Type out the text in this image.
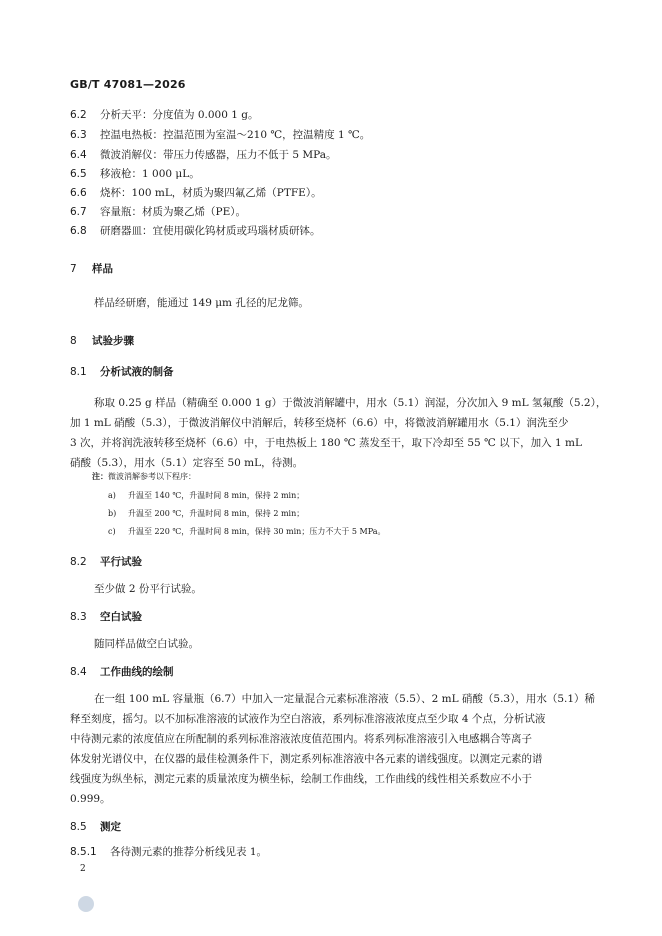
GB/T 47081—2026
6.2 分析天平：分度值为 0.000 1 g。
6.3 控温电热板：控温范围为室温～210 ℃，控温精度 1 ℃。
6.4 微波消解仪：带压力传感器，压力不低于 5 MPa。
6.5 移液枪：1 000 μL。
6.6 烧杯：100 mL，材质为聚四氟乙烯（PTFE）。
6.7 容量瓶：材质为聚乙烯（PE）。
6.8 研磨器皿：宜使用碳化钨材质或玛瑙材质研钵。
7 样品
样品经研磨，能通过 149 μm 孔径的尼龙筛。
8 试验步骤
8.1 分析试液的制备
称取 0.25 g 样品（精确至 0.000 1 g）于微波消解罐中，用水（5.1）润湿，分次加入 9 mL 氢氟酸（5.2），
加 1 mL 硝酸（5.3），于微波消解仪中消解后，转移至烧杯（6.6）中，将微波消解罐用水（5.1）润洗至少
3 次，并将润洗液转移至烧杯（6.6）中，于电热板上 180 ℃ 蒸发至干，取下冷却至 55 ℃ 以下，加入 1 mL
硝酸（5.3），用水（5.1）定容至 50 mL，待测。
注：微波消解参考以下程序：
a) 升温至 140 ℃，升温时间 8 min，保持 2 min；
b) 升温至 200 ℃，升温时间 8 min，保持 2 min；
c) 升温至 220 ℃，升温时间 8 min，保持 30 min；压力不大于 5 MPa。
8.2 平行试验
至少做 2 份平行试验。
8.3 空白试验
随同样品做空白试验。
8.4 工作曲线的绘制
在一组 100 mL 容量瓶（6.7）中加入一定量混合元素标准溶液（5.5）、2 mL 硝酸（5.3），用水（5.1）稀
释至刻度，摇匀。以不加标准溶液的试液作为空白溶液，系列标准溶液浓度点至少取 4 个点，分析试液
中待测元素的浓度值应在所配制的系列标准溶液浓度值范围内。将系列标准溶液引入电感耦合等离子
体发射光谱仪中，在仪器的最佳检测条件下，测定系列标准溶液中各元素的谱线强度。以测定元素的谱
线强度为纵坐标，测定元素的质量浓度为横坐标，绘制工作曲线，工作曲线的线性相关系数应不小于
0.999。
8.5 测定
8.5.1 各待测元素的推荐分析线见表 1。
2
